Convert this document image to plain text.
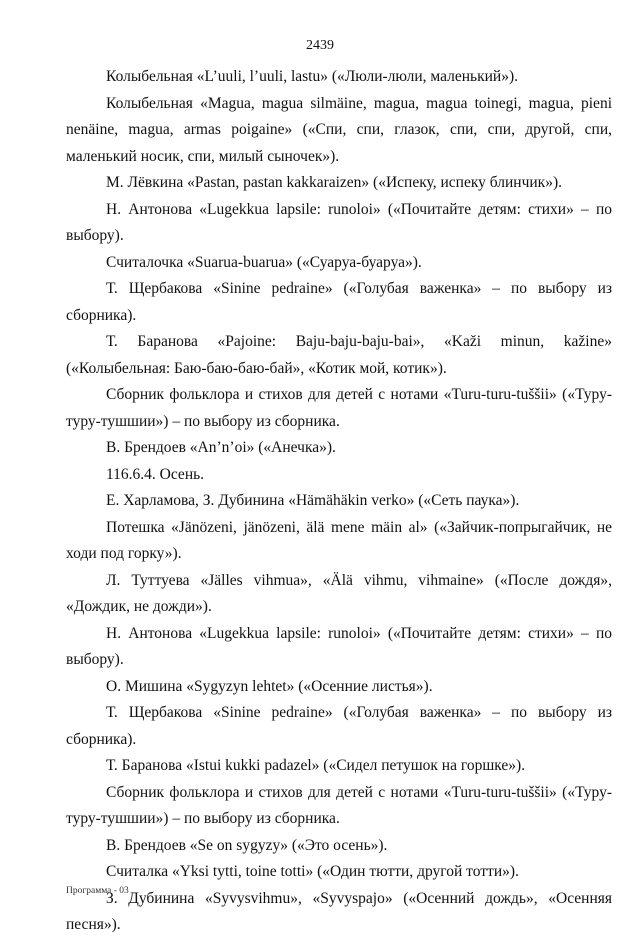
2439

Колыбельная «L’uuli, l’uuli, lastu» («Люли-люли, маленький»).

Колыбельная «Magua, magua silmäine, magua, magua toinegi, magua, pieni nenäine, magua, armas poigaine» («Спи, спи, глазок, спи, спи, другой, спи, маленький носик, спи, милый сыночек»).

М. Лёвкина «Pastan, pastan kakkaraizen» («Испеку, испеку блинчик»).

Н. Антонова «Lugekkua lapsile: runoloi» («Почитайте детям: стихи» – по выбору).

Считалочка «Suarua-buarua» («Суаруа-буаруа»).

Т. Щербакова «Sinine pedraine» («Голубая важенка» – по выбору из сборника).

Т. Баранова «Pajoine: Baju-baju-baju-bai», «Kaži minun, kažine» («Колыбельная: Баю-баю-баю-бай», «Котик мой, котик»).

Сборник фольклора и стихов для детей с нотами «Turu-turu-tuššii» («Туру-туру-тушшии») – по выбору из сборника.

В. Брендоев «An’n’oi» («Анечка»).

116.6.4. Осень.

Е. Харламова, З. Дубинина «Hämähäkin verko» («Сеть паука»).

Потешка «Jänözeni, jänözeni, älä mene mäin al» («Зайчик-попрыгайчик, не ходи под горку»).

Л. Туттуева «Jälles vihmua», «Älä vihmu, vihmaine» («После дождя», «Дождик, не дожди»).

Н. Антонова «Lugekkua lapsile: runoloi» («Почитайте детям: стихи» – по выбору).

О. Мишина «Sygyzyn lehtet» («Осенние листья»).

Т. Щербакова «Sinine pedraine» («Голубая важенка» – по выбору из сборника).

Т. Баранова «Istui kukki padazel» («Сидел петушок на горшке»).

Сборник фольклора и стихов для детей с нотами «Turu-turu-tuššii» («Туру-туру-тушшии») – по выбору из сборника.

В. Брендоев «Se on sygyzy» («Это осень»).

Считалка «Yksi tytti, toine totti» («Один тютти, другой тотти»).

З. Дубинина «Syvysvihmu», «Syvyspajo» («Осенний дождь», «Осенняя песня»).

Программа - 03
